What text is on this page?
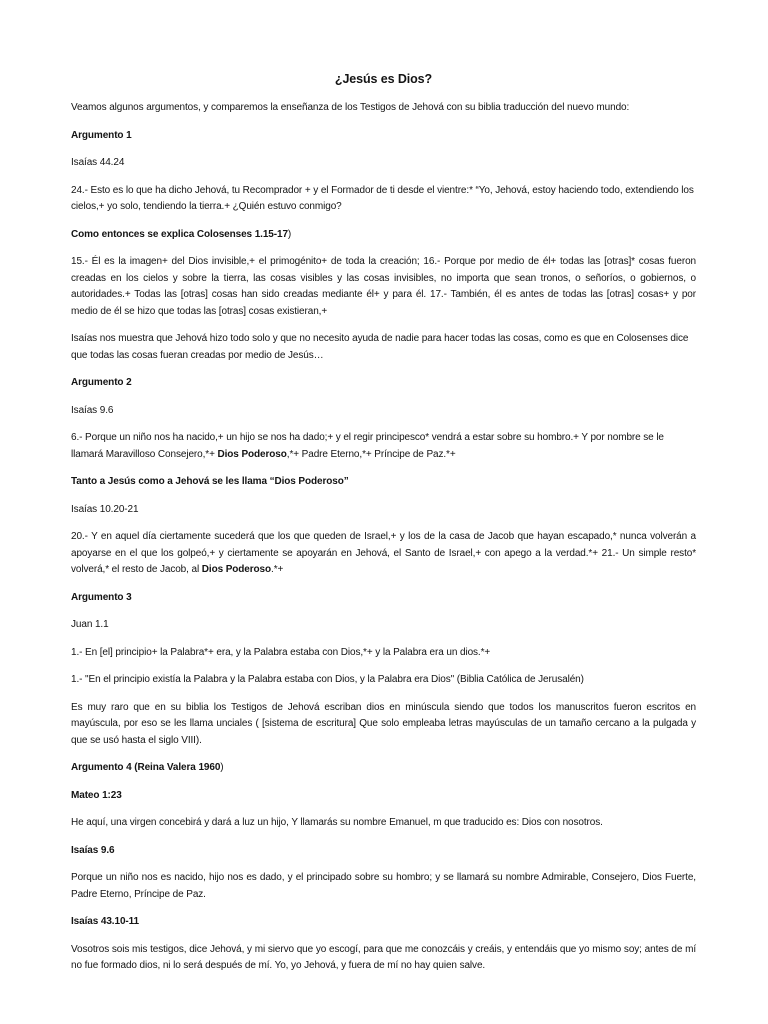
¿Jesús es Dios?

Veamos algunos argumentos, y comparemos la enseñanza de los Testigos de Jehová con su biblia traducción del nuevo mundo:

Argumento 1

Isaías 44.24

24.- Esto es lo que ha dicho Jehová, tu Recomprador + y el Formador de ti desde el vientre:* “Yo, Jehová, estoy haciendo todo, extendiendo los cielos,+ yo solo, tendiendo la tierra.+ ¿Quién estuvo conmigo?

Como entonces se explica Colosenses 1.15-17)

15.- Él es la imagen+ del Dios invisible,+ el primogénito+ de toda la creación; 16.- Porque por medio de él+ todas las [otras]* cosas fueron creadas en los cielos y sobre la tierra, las cosas visibles y las cosas invisibles, no importa que sean tronos, o señoríos, o gobiernos, o autoridades.+ Todas las [otras] cosas han sido creadas mediante él+ y para él. 17.- También, él es antes de todas las [otras] cosas+ y por medio de él se hizo que todas las [otras] cosas existieran,+

Isaías nos muestra que Jehová hizo todo solo y que no necesito ayuda de nadie para hacer todas las cosas, como es que en Colosenses dice que todas las cosas fueran creadas por medio de Jesús…

Argumento 2

Isaías 9.6

6.- Porque un niño nos ha nacido,+ un hijo se nos ha dado;+ y el regir principesco* vendrá a estar sobre su hombro.+ Y por nombre se le llamará Maravilloso Consejero,*+ Dios Poderoso,*+ Padre Eterno,*+ Príncipe de Paz.*+

Tanto a Jesús como a Jehová se les llama “Dios Poderoso”

Isaías 10.20-21

20.- Y en aquel día ciertamente sucederá que los que queden de Israel,+ y los de la casa de Jacob que hayan escapado,* nunca volverán a apoyarse en el que los golpeó,+ y ciertamente se apoyarán en Jehová, el Santo de Israel,+ con apego a la verdad.*+ 21.- Un simple resto* volverá,* el resto de Jacob, al Dios Poderoso.*+

Argumento 3

Juan 1.1

1.- En [el] principio+ la Palabra*+ era, y la Palabra estaba con Dios,*+ y la Palabra era un dios.*+

1.- "En el principio existía la Palabra y la Palabra estaba con Dios, y la Palabra era Dios" (Biblia Católica de Jerusalén)

Es muy raro que en su biblia los Testigos de Jehová escriban dios en minúscula siendo que todos los manuscritos fueron escritos en mayúscula, por eso se les llama unciales ( [sistema de escritura] Que solo empleaba letras mayúsculas de un tamaño cercano a la pulgada y que se usó hasta el siglo VIII).

Argumento 4 (Reina Valera 1960)

Mateo 1:23

He aquí, una virgen concebirá y dará a luz un hijo, Y llamarás su nombre Emanuel, m que traducido es: Dios con nosotros.

Isaías 9.6

Porque un niño nos es nacido, hijo nos es dado, y el principado sobre su hombro; y se llamará su nombre Admirable, Consejero, Dios Fuerte, Padre Eterno, Príncipe de Paz.

Isaías 43.10-11

Vosotros sois mis testigos, dice Jehová, y mi siervo que yo escogí, para que me conozcáis y creáis, y entendáis que yo mismo soy; antes de mí no fue formado dios, ni lo será después de mí. Yo, yo Jehová, y fuera de mí no hay quien salve.
